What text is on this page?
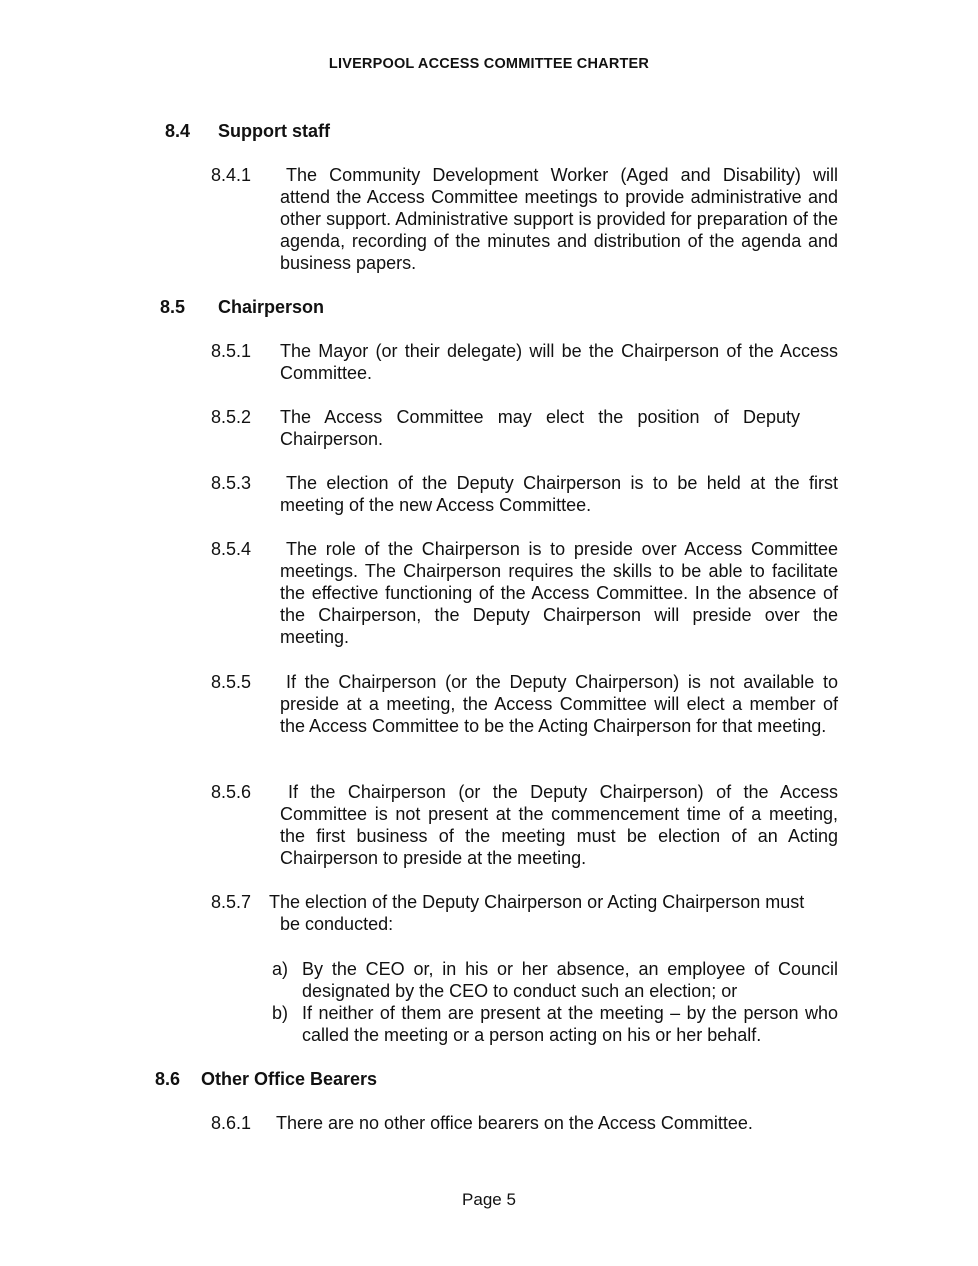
LIVERPOOL ACCESS COMMITTEE CHARTER
8.4 Support staff
8.4.1	The Community Development Worker (Aged and Disability) will attend the Access Committee meetings to provide administrative and other support. Administrative support is provided for preparation of the agenda, recording of the minutes and distribution of the agenda and business papers.
8.5 Chairperson
8.5.1 The Mayor (or their delegate) will be the Chairperson of the Access Committee.
8.5.2 The Access Committee may elect the position of Deputy Chairperson.
8.5.3	The election of the Deputy Chairperson is to be held at the first meeting of the new Access Committee.
8.5.4	The role of the Chairperson is to preside over Access Committee meetings. The Chairperson requires the skills to be able to facilitate the effective functioning of the Access Committee. In the absence of the Chairperson, the Deputy Chairperson will preside over the meeting.
8.5.5	If the Chairperson (or the Deputy Chairperson) is not available to preside at a meeting, the Access Committee will elect a member of the Access Committee to be the Acting Chairperson for that meeting.
8.5.6	If the Chairperson (or the Deputy Chairperson) of the Access Committee is not present at the commencement time of a meeting, the first business of the meeting must be election of an Acting Chairperson to preside at the meeting.
8.5.7 The election of the Deputy Chairperson or Acting Chairperson must
be conducted:
a) By the CEO or, in his or her absence, an employee of Council designated by the CEO to conduct such an election; or
b) If neither of them are present at the meeting – by the person who called the meeting or a person acting on his or her behalf.
8.6 Other Office Bearers
8.6.1 There are no other office bearers on the Access Committee.
Page 5
